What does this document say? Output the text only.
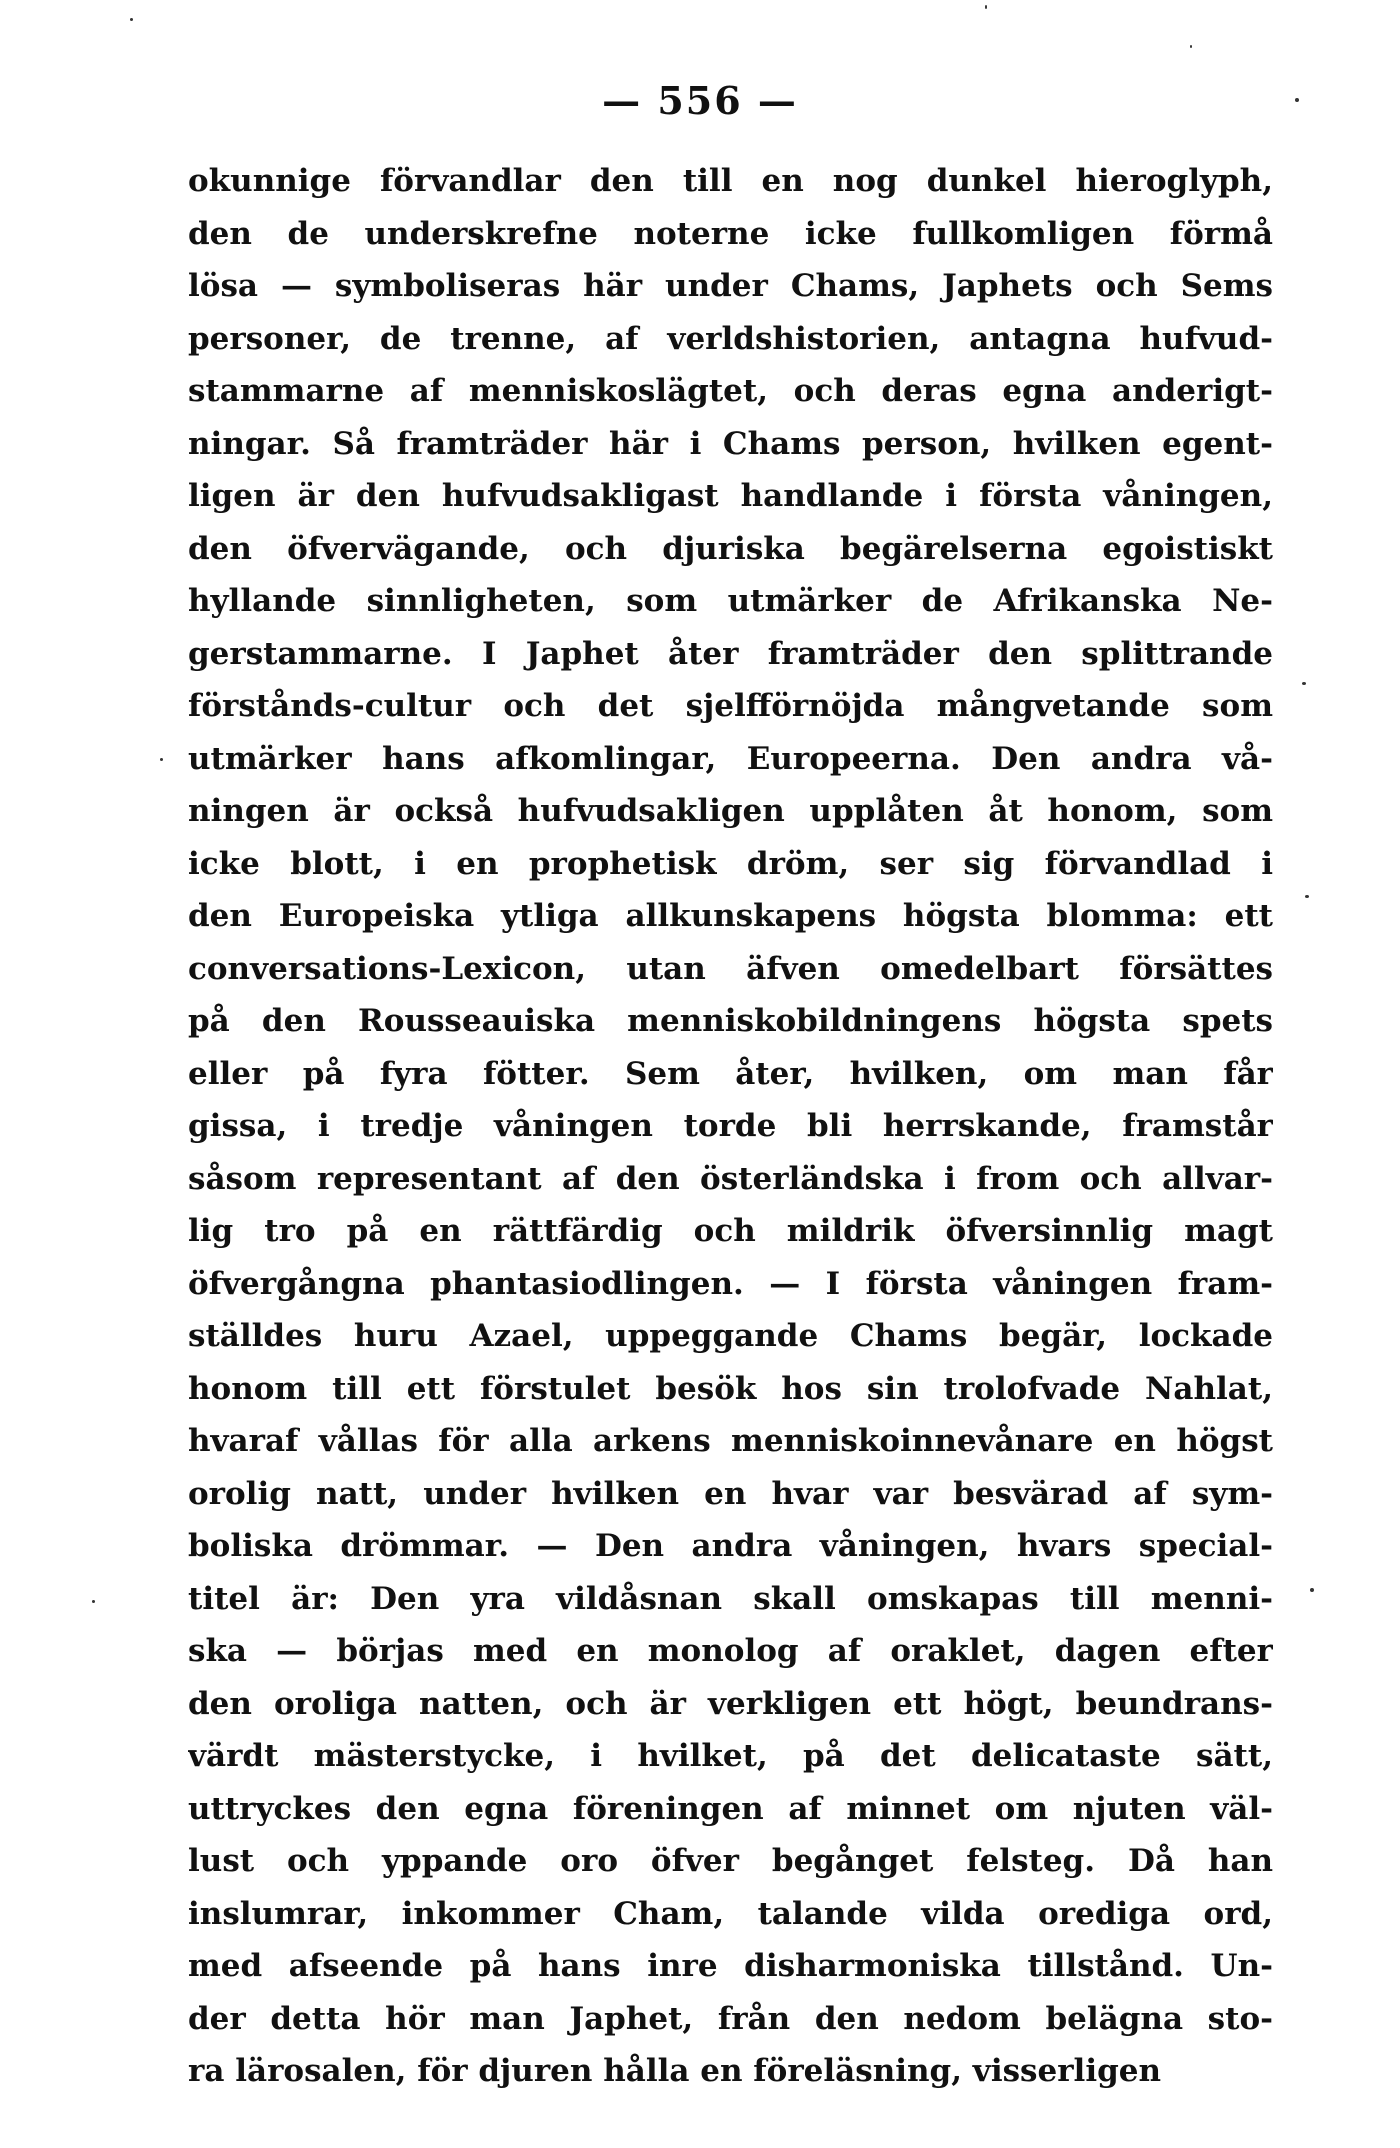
— 556 —
okunnige förvandlar den till en nog dunkel hieroglyph,
den de underskrefne noterne icke fullkomligen förmå
lösa — symboliseras här under Chams, Japhets och Sems
personer, de trenne, af verldshistorien, antagna hufvud-
stammarne af menniskoslägtet, och deras egna anderigt-
ningar. Så framträder här i Chams person, hvilken egent-
ligen är den hufvudsakligast handlande i första våningen,
den öfvervägande, och djuriska begärelserna egoistiskt
hyllande sinnligheten, som utmärker de Afrikanska Ne-
gerstammarne. I Japhet åter framträder den splittrande
förstånds-cultur och det sjelfförnöjda mångvetande som
utmärker hans afkomlingar, Europeerna. Den andra vå-
ningen är också hufvudsakligen upplåten åt honom, som
icke blott, i en prophetisk dröm, ser sig förvandlad i
den Europeiska ytliga allkunskapens högsta blomma: ett
conversations-Lexicon, utan äfven omedelbart försättes
på den Rousseauiska menniskobildningens högsta spets
eller på fyra fötter. Sem åter, hvilken, om man får
gissa, i tredje våningen torde bli herrskande, framstår
såsom representant af den österländska i from och allvar-
lig tro på en rättfärdig och mildrik öfversinnlig magt
öfvergångna phantasiodlingen. — I första våningen fram-
ställdes huru Azael, uppeggande Chams begär, lockade
honom till ett förstulet besök hos sin trolofvade Nahlat,
hvaraf vållas för alla arkens menniskoinnevånare en högst
orolig natt, under hvilken en hvar var besvärad af sym-
boliska drömmar. — Den andra våningen, hvars special-
titel är: Den yra vildåsnan skall omskapas till menni-
ska — börjas med en monolog af oraklet, dagen efter
den oroliga natten, och är verkligen ett högt, beundrans-
värdt mästerstycke, i hvilket, på det delicataste sätt,
uttryckes den egna föreningen af minnet om njuten väl-
lust och yppande oro öfver begånget felsteg. Då han
inslumrar, inkommer Cham, talande vilda orediga ord,
med afseende på hans inre disharmoniska tillstånd. Un-
der detta hör man Japhet, från den nedom belägna sto-
ra lärosalen, för djuren hålla en föreläsning, visserligen
